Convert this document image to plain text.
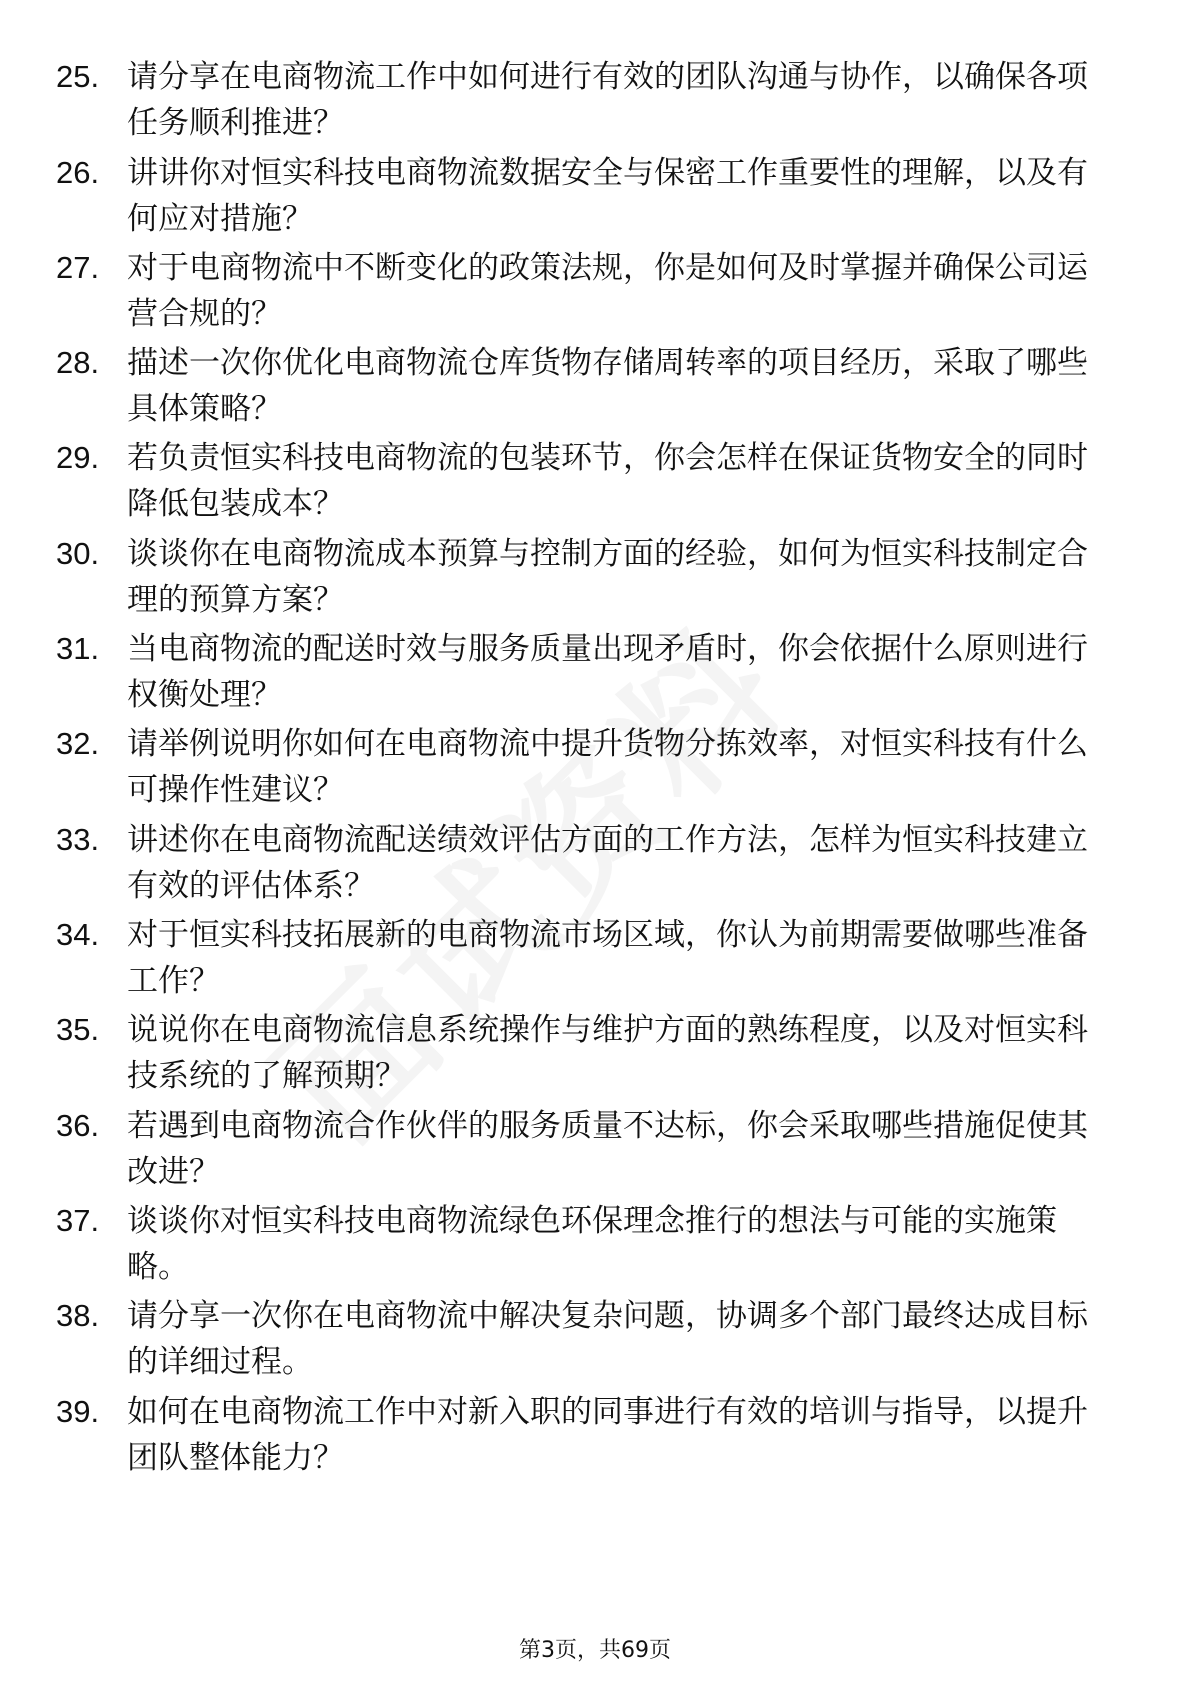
25. 请分享在电商物流工作中如何进行有效的团队沟通与协作，以确保各项任务顺利推进？
26. 讲讲你对恒实科技电商物流数据安全与保密工作重要性的理解，以及有何应对措施？
27. 对于电商物流中不断变化的政策法规，你是如何及时掌握并确保公司运营合规的？
28. 描述一次你优化电商物流仓库货物存储周转率的项目经历，采取了哪些具体策略？
29. 若负责恒实科技电商物流的包装环节，你会怎样在保证货物安全的同时降低包装成本？
30. 谈谈你在电商物流成本预算与控制方面的经验，如何为恒实科技制定合理的预算方案？
31. 当电商物流的配送时效与服务质量出现矛盾时，你会依据什么原则进行权衡处理？
32. 请举例说明你如何在电商物流中提升货物分拣效率，对恒实科技有什么可操作性建议？
33. 讲述你在电商物流配送绩效评估方面的工作方法，怎样为恒实科技建立有效的评估体系？
34. 对于恒实科技拓展新的电商物流市场区域，你认为前期需要做哪些准备工作？
35. 说说你在电商物流信息系统操作与维护方面的熟练程度，以及对恒实科技系统的了解预期？
36. 若遇到电商物流合作伙伴的服务质量不达标，你会采取哪些措施促使其改进？
37. 谈谈你对恒实科技电商物流绿色环保理念推行的想法与可能的实施策略。
38. 请分享一次你在电商物流中解决复杂问题，协调多个部门最终达成目标的详细过程。
39. 如何在电商物流工作中对新入职的同事进行有效的培训与指导，以提升团队整体能力？
第3页，共69页
